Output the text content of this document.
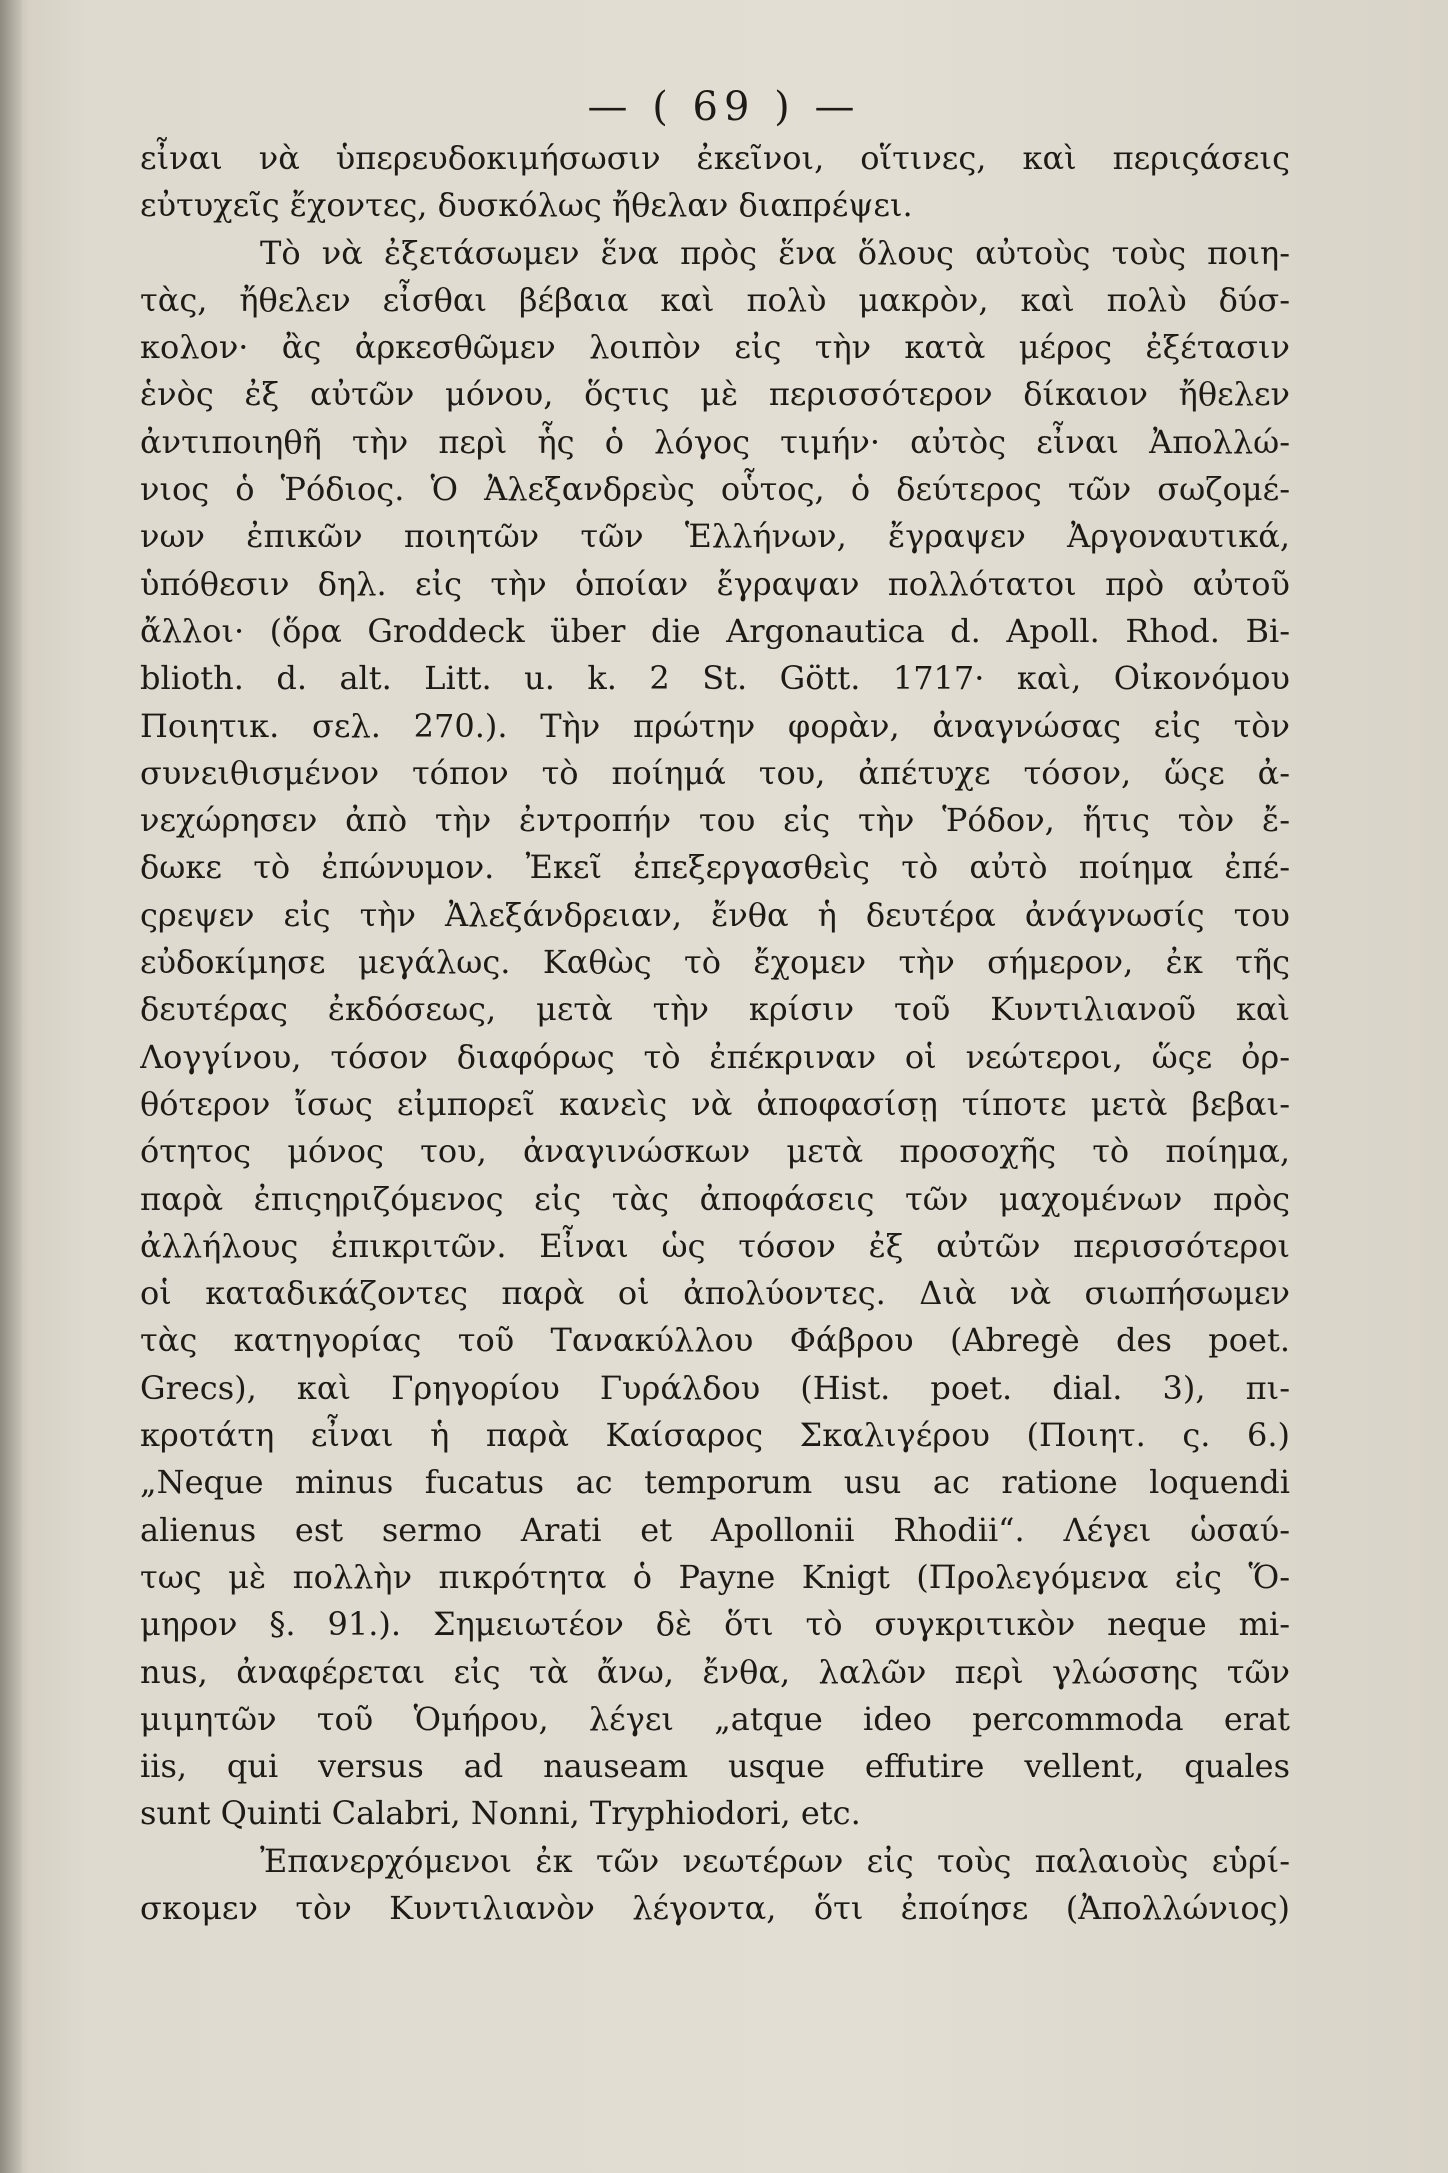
— ( 69 ) —
εἶναι νὰ ὑπερευδοκιμήσωσιν ἐκεῖνοι, οἵτινες, καὶ περιςάσεις
εὐτυχεῖς ἔχοντες, δυσκόλως ἤθελαν διαπρέψει.
Τὸ νὰ ἐξετάσωμεν ἕνα πρὸς ἕνα ὅλους αὐτοὺς τοὺς ποιη-
τὰς, ἤθελεν εἶσθαι βέβαια καὶ πολὺ μακρὸν, καὶ πολὺ δύσ-
κολον· ἂς ἀρκεσθῶμεν λοιπὸν εἰς τὴν κατὰ μέρος ἐξέτασιν
ἑνὸς ἐξ αὐτῶν μόνου, ὅςτις μὲ περισσότερον δίκαιον ἤθελεν
ἀντιποιηθῆ τὴν περὶ ἧς ὁ λόγος τιμήν· αὐτὸς εἶναι Ἀπολλώ-
νιος ὁ Ῥόδιος. Ὁ Ἀλεξανδρεὺς οὗτος, ὁ δεύτερος τῶν σωζομέ-
νων ἐπικῶν ποιητῶν τῶν Ἑλλήνων, ἔγραψεν Ἀργοναυτικά,
ὑπόθεσιν δηλ. εἰς τὴν ὁποίαν ἔγραψαν πολλότατοι πρὸ αὐτοῦ
ἄλλοι· (ὅρα Groddeck über die Argonautica d. Apoll. Rhod. Bi-
blioth. d. alt. Litt. u. k. 2 St. Gött. 1717· καὶ, Οἰκονόμου
Ποιητικ. σελ. 270.). Τὴν πρώτην φορὰν, ἀναγνώσας εἰς τὸν
συνειθισμένον τόπον τὸ ποίημά του, ἀπέτυχε τόσον, ὥςε ἀ-
νεχώρησεν ἀπὸ τὴν ἐντροπήν του εἰς τὴν Ῥόδον, ἥτις τὸν ἔ-
δωκε τὸ ἐπώνυμον. Ἐκεῖ ἐπεξεργασθεὶς τὸ αὐτὸ ποίημα ἐπέ-
ςρεψεν εἰς τὴν Ἀλεξάνδρειαν, ἔνθα ἡ δευτέρα ἀνάγνωσίς του
εὐδοκίμησε μεγάλως. Καθὼς τὸ ἔχομεν τὴν σήμερον, ἐκ τῆς
δευτέρας ἐκδόσεως, μετὰ τὴν κρίσιν τοῦ Κυντιλιανοῦ καὶ
Λογγίνου, τόσον διαφόρως τὸ ἐπέκριναν οἱ νεώτεροι, ὥςε ὀρ-
θότερον ἴσως εἰμπορεῖ κανεὶς νὰ ἀποφασίσῃ τίποτε μετὰ βεβαι-
ότητος μόνος του, ἀναγινώσκων μετὰ προσοχῆς τὸ ποίημα,
παρὰ ἐπιςηριζόμενος εἰς τὰς ἀποφάσεις τῶν μαχομένων πρὸς
ἀλλήλους ἐπικριτῶν. Εἶναι ὡς τόσον ἐξ αὐτῶν περισσότεροι
οἱ καταδικάζοντες παρὰ οἱ ἀπολύοντες. Διὰ νὰ σιωπήσωμεν
τὰς κατηγορίας τοῦ Τανακύλλου Φάβρου (Abregè des poet.
Grecs), καὶ Γρηγορίου Γυράλδου (Hist. poet. dial. 3), πι-
κροτάτη εἶναι ἡ παρὰ Καίσαρος Σκαλιγέρου (Ποιητ. ς. 6.)
„Neque minus fucatus ac temporum usu ac ratione loquendi
alienus est sermo Arati et Apollonii Rhodii“. Λέγει ὡσαύ-
τως μὲ πολλὴν πικρότητα ὁ Payne Knigt (Προλεγόμενα εἰς Ὅ-
μηρον §. 91.). Σημειωτέον δὲ ὅτι τὸ συγκριτικὸν neque mi-
nus, ἀναφέρεται εἰς τὰ ἄνω, ἔνθα, λαλῶν περὶ γλώσσης τῶν
μιμητῶν τοῦ Ὁμήρου, λέγει „atque ideo percommoda erat
iis, qui versus ad nauseam usque effutire vellent, quales
sunt Quinti Calabri, Nonni, Tryphiodori, etc.
Ἐπανερχόμενοι ἐκ τῶν νεωτέρων εἰς τοὺς παλαιοὺς εὑρί-
σκομεν τὸν Κυντιλιανὸν λέγοντα, ὅτι ἐποίησε (Ἀπολλώνιος)
